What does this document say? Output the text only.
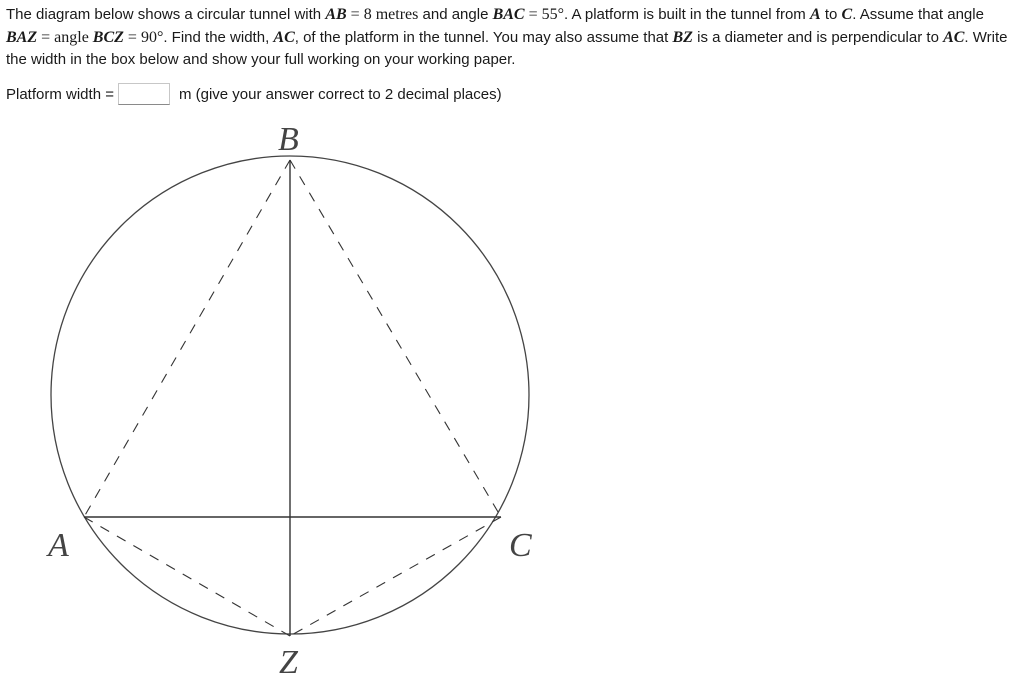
The diagram below shows a circular tunnel with AB = 8 metres and angle BAC = 55°. A platform is built in the tunnel from A to C. Assume that angle BAZ = angle BCZ = 90°. Find the width, AC, of the platform in the tunnel. You may also assume that BZ is a diameter and is perpendicular to AC. Write the width in the box below and show your full working on your working paper.
Platform width =	m (give your answer correct to 2 decimal places)
B
A	C
Z
